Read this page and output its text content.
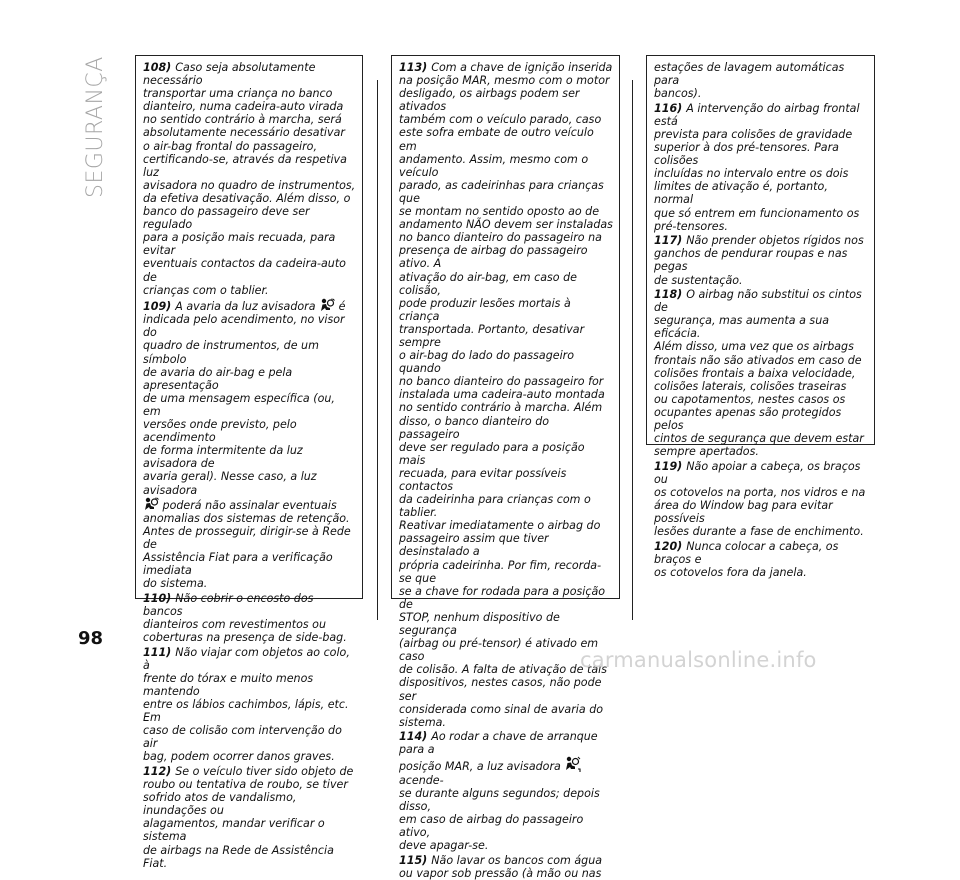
SEGURANÇA	108) Caso seja absolutamente necessário
transportar uma criança no banco
dianteiro, numa cadeira-auto virada
no sentido contrário à marcha, será
absolutamente necessário desativar
o air-bag frontal do passageiro,
certificando-se, através da respetiva luz
avisadora no quadro de instrumentos,
da efetiva desativação. Além disso, o
banco do passageiro deve ser regulado
para a posição mais recuada, para evitar
eventuais contactos da cadeira-auto de
crianças com o tablier.

109) A avaria da luz avisadora é
indicada pelo acendimento, no visor do
quadro de instrumentos, de um símbolo
de avaria do air-bag e pela apresentação
de uma mensagem específica (ou, em
versões onde previsto, pelo acendimento
de forma intermitente da luz avisadora de
avaria geral). Nesse caso, a luz avisadora
poderá não assinalar eventuais
anomalias dos sistemas de retenção.
Antes de prosseguir, dirigir-se à Rede de
Assistência Fiat para a verificação imediata
do sistema.

110) Não cobrir o encosto dos bancos
dianteiros com revestimentos ou
coberturas na presença de side-bag.

111) Não viajar com objetos ao colo, à
frente do tórax e muito menos mantendo
entre os lábios cachimbos, lápis, etc. Em
caso de colisão com intervenção do air
bag, podem ocorrer danos graves.

112) Se o veículo tiver sido objeto de
roubo ou tentativa de roubo, se tiver
sofrido atos de vandalismo, inundações ou
alagamentos, mandar verificar o sistema
de airbags na Rede de Assistência Fiat.

113) Com a chave de ignição inserida
na posição MAR, mesmo com o motor
desligado, os airbags podem ser ativados
também com o veículo parado, caso
este sofra embate de outro veículo em
andamento. Assim, mesmo com o veículo
parado, as cadeirinhas para crianças que
se montam no sentido oposto ao de
andamento NÃO devem ser instaladas
no banco dianteiro do passageiro na
presença de airbag do passageiro ativo. A
ativação do air-bag, em caso de colisão,
pode produzir lesões mortais à criança
transportada. Portanto, desativar sempre
o air-bag do lado do passageiro quando
no banco dianteiro do passageiro for
instalada uma cadeira-auto montada
no sentido contrário à marcha. Além
disso, o banco dianteiro do passageiro
deve ser regulado para a posição mais
recuada, para evitar possíveis contactos
da cadeirinha para crianças com o tablier.
Reativar imediatamente o airbag do
passageiro assim que tiver desinstalado a
própria cadeirinha. Por fim, recorda-se que
se a chave for rodada para a posição de
STOP, nenhum dispositivo de segurança
(airbag ou pré-tensor) é ativado em caso
de colisão. A falta de ativação de tais
dispositivos, nestes casos, não pode ser
considerada como sinal de avaria do
sistema.

114) Ao rodar a chave de arranque para a
posição MAR, a luz avisadora  acende-
se durante alguns segundos; depois disso,
em caso de airbag do passageiro ativo,
deve apagar-se.

115) Não lavar os bancos com água
ou vapor sob pressão (à mão ou nas

estações de lavagem automáticas para
bancos).

116) A intervenção do airbag frontal está
prevista para colisões de gravidade
superior à dos pré-tensores. Para colisões
incluídas no intervalo entre os dois
limites de ativação é, portanto, normal
que só entrem em funcionamento os
pré-tensores.

117) Não prender objetos rígidos nos
ganchos de pendurar roupas e nas pegas
de sustentação.

118) O airbag não substitui os cintos de
segurança, mas aumenta a sua eficácia.
Além disso, uma vez que os airbags
frontais não são ativados em caso de
colisões frontais a baixa velocidade,
colisões laterais, colisões traseiras
ou capotamentos, nestes casos os
ocupantes apenas são protegidos pelos
cintos de segurança que devem estar
sempre apertados.

119) Não apoiar a cabeça, os braços ou
os cotovelos na porta, nos vidros e na
área do Window bag para evitar possíveis
lesões durante a fase de enchimento.

120) Nunca colocar a cabeça, os braços e
os cotovelos fora da janela.

98
carmanualsonline.info
